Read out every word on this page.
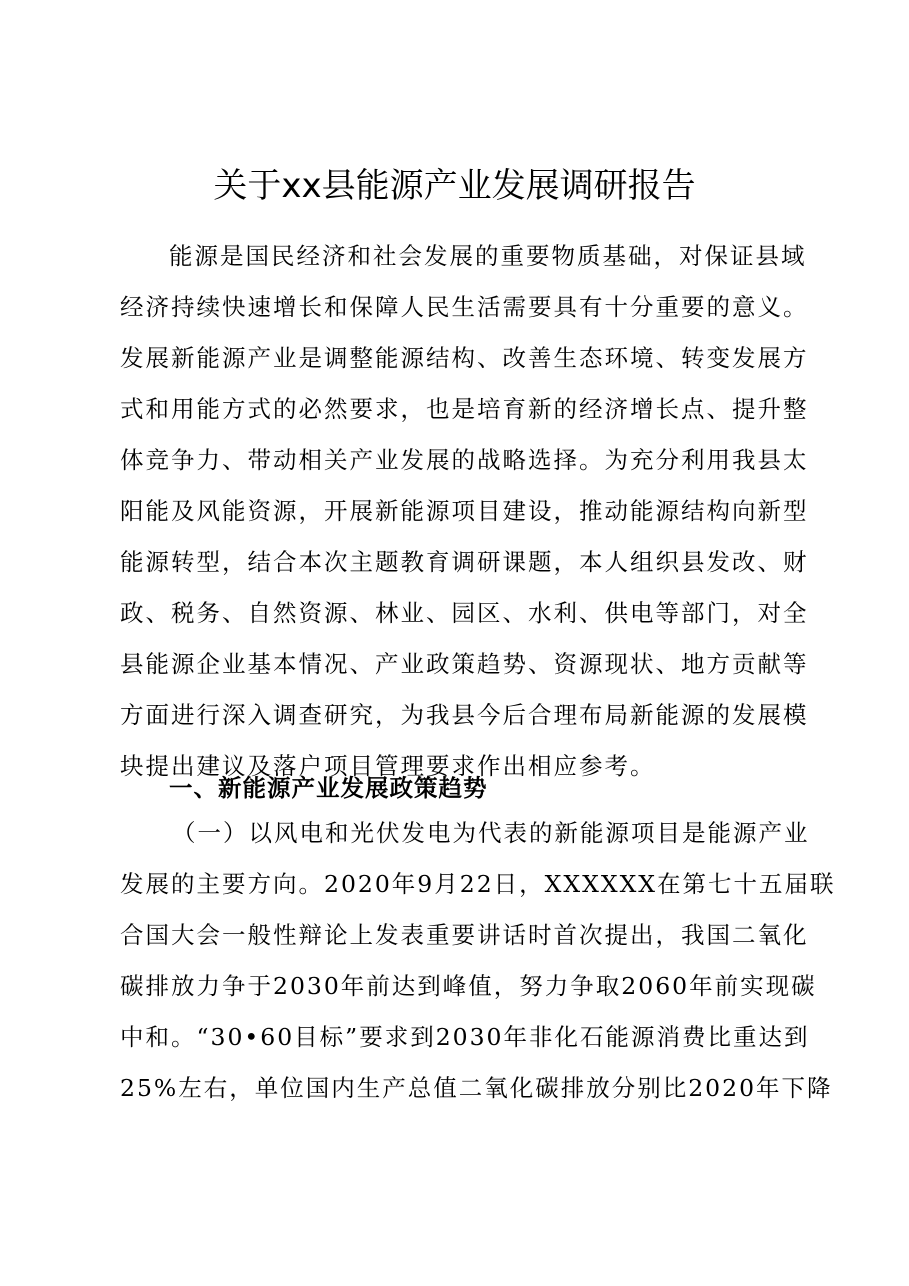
关于xx县能源产业发展调研报告
能源是国民经济和社会发展的重要物质基础，对保证县域
经济持续快速增长和保障人民生活需要具有十分重要的意义。
发展新能源产业是调整能源结构、改善生态环境、转变发展方
式和用能方式的必然要求，也是培育新的经济增长点、提升整
体竞争力、带动相关产业发展的战略选择。为充分利用我县太
阳能及风能资源，开展新能源项目建设，推动能源结构向新型
能源转型，结合本次主题教育调研课题，本人组织县发改、财
政、税务、自然资源、林业、园区、水利、供电等部门，对全
县能源企业基本情况、产业政策趋势、资源现状、地方贡献等
方面进行深入调查研究，为我县今后合理布局新能源的发展模
块提出建议及落户项目管理要求作出相应参考。
一、新能源产业发展政策趋势
（一）以风电和光伏发电为代表的新能源项目是能源产业
发展的主要方向。2020年9月22日，XXXXXX在第七十五届联
合国大会一般性辩论上发表重要讲话时首次提出，我国二氧化
碳排放力争于2030年前达到峰值，努力争取2060年前实现碳
中和。“30•60目标”要求到2030年非化石能源消费比重达到
25%左右，单位国内生产总值二氧化碳排放分别比2020年下降
